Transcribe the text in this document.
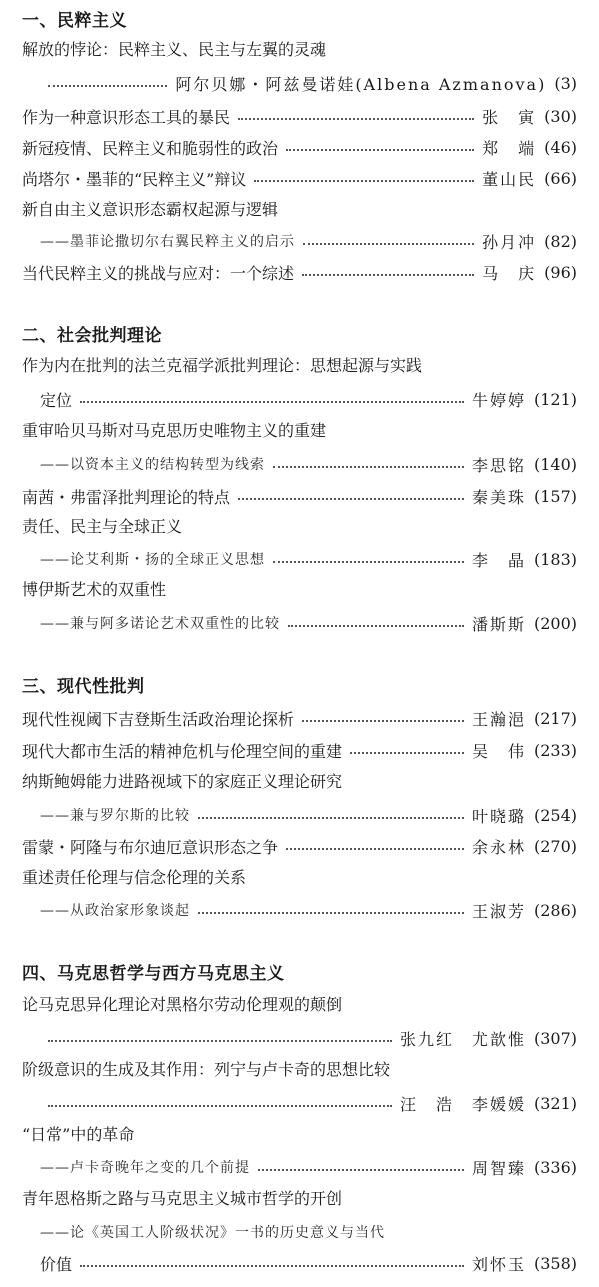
一、民粹主义
解放的悖论：民粹主义、民主与左翼的灵魂
阿尔贝娜・阿兹曼诺娃(Albena Azmanova) (3)
作为一种意识形态工具的暴民	张　寅 (30)
新冠疫情、民粹主义和脆弱性的政治	郑　端 (46)
尚塔尔・墨菲的“民粹主义”辩议	董山民 (66)
新自由主义意识形态霸权起源与逻辑
——墨菲论撒切尔右翼民粹主义的启示	孙月冲 (82)
当代民粹主义的挑战与应对：一个综述	马　庆 (96)
二、社会批判理论
作为内在批判的法兰克福学派批判理论：思想起源与实践
定位	牛婷婷 (121)
重审哈贝马斯对马克思历史唯物主义的重建
——以资本主义的结构转型为线索	李思铭 (140)
南茜・弗雷泽批判理论的特点	秦美珠 (157)
责任、民主与全球正义
——论艾利斯・扬的全球正义思想	李　晶 (183)
博伊斯艺术的双重性
——兼与阿多诺论艺术双重性的比较	潘斯斯 (200)
三、现代性批判
现代性视阈下吉登斯生活政治理论探析	王瀚浥 (217)
现代大都市生活的精神危机与伦理空间的重建	吴　伟 (233)
纳斯鲍姆能力进路视域下的家庭正义理论研究
——兼与罗尔斯的比较	叶晓璐 (254)
雷蒙・阿隆与布尔迪厄意识形态之争	余永林 (270)
重述责任伦理与信念伦理的关系
——从政治家形象谈起	王淑芳 (286)
四、马克思哲学与西方马克思主义
论马克思异化理论对黑格尔劳动伦理观的颠倒
张九红　尤歆惟 (307)
阶级意识的生成及其作用：列宁与卢卡奇的思想比较
汪　浩　李媛媛 (321)
“日常”中的革命
——卢卡奇晚年之变的几个前提	周智臻 (336)
青年恩格斯之路与马克思主义城市哲学的开创
——论《英国工人阶级状况》一书的历史意义与当代
价值	刘怀玉 (358)
